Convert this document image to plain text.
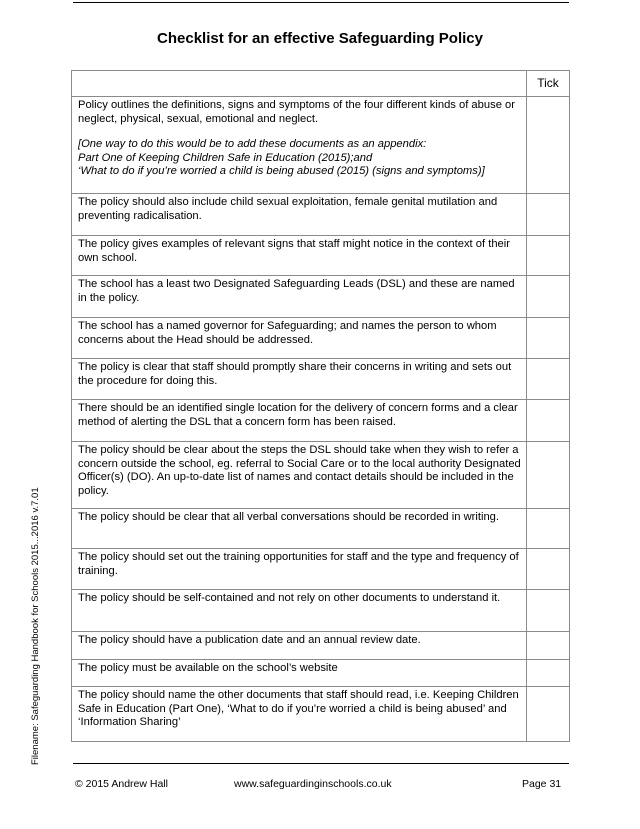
Checklist for an effective Safeguarding Policy
Filename: Safeguarding Handbook for Schools 2015...2016 v.7.01
	Tick

Policy outlines the definitions, signs and symptoms of the four different kinds of abuse or neglect, physical, sexual, emotional and neglect.
[One way to do this would be to add these documents as an appendix:
Part One of Keeping Children Safe in Education (2015);and
‘What to do if you’re worried a child is being abused (2015) (signs and symptoms)]	

The policy should also include child sexual exploitation, female genital mutilation and preventing radicalisation.	

The policy gives examples of relevant signs that staff might notice in the context of their own school.	

The school has a least two Designated Safeguarding Leads (DSL) and these are named in the policy.	

The school has a named governor for Safeguarding; and names the person to whom concerns about the Head should be addressed.	

The policy is clear that staff should promptly share their concerns in writing and sets out the procedure for doing this.	

There should be an identified single location for the delivery of concern forms and a clear method of alerting the DSL that a concern form has been raised.	

The policy should be clear about the steps the DSL should take when they wish to refer a concern outside the school, eg. referral to Social Care or to the local authority Designated Officer(s) (DO). An up-to-date list of names and contact details should be included in the policy.	

The policy should be clear that all verbal conversations should be recorded in writing.	

The policy should set out the training opportunities for staff and the type and frequency of training.	

The policy should be self-contained and not rely on other documents to understand it.	

The policy should have a publication date and an annual review date.	

The policy must be available on the school’s website	

The policy should name the other documents that staff should read, i.e. Keeping Children Safe in Education (Part One), ‘What to do if you’re worried a child is being abused’ and ‘Information Sharing’	

© 2015 Andrew Hall	www.safeguardinginschools.co.uk	Page 31
